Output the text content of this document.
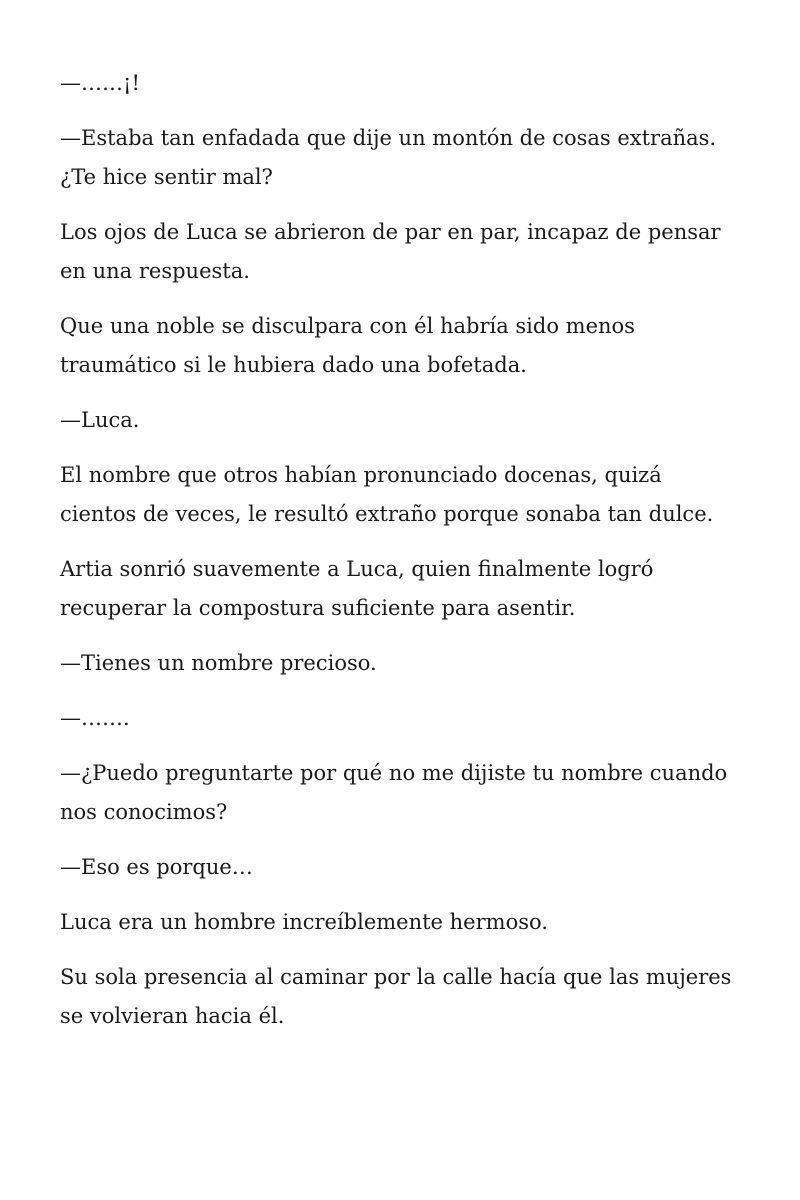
—……¡!

—Estaba tan enfadada que dije un montón de cosas extrañas. ¿Te hice sentir mal?

Los ojos de Luca se abrieron de par en par, incapaz de pensar en una respuesta.

Que una noble se disculpara con él habría sido menos traumático si le hubiera dado una bofetada.

—Luca.

El nombre que otros habían pronunciado docenas, quizá cientos de veces, le resultó extraño porque sonaba tan dulce.

Artia sonrió suavemente a Luca, quien finalmente logró recuperar la compostura suficiente para asentir.

—Tienes un nombre precioso.

—…….

—¿Puedo preguntarte por qué no me dijiste tu nombre cuando nos conocimos?

—Eso es porque…

Luca era un hombre increíblemente hermoso.

Su sola presencia al caminar por la calle hacía que las mujeres se volvieran hacia él.
